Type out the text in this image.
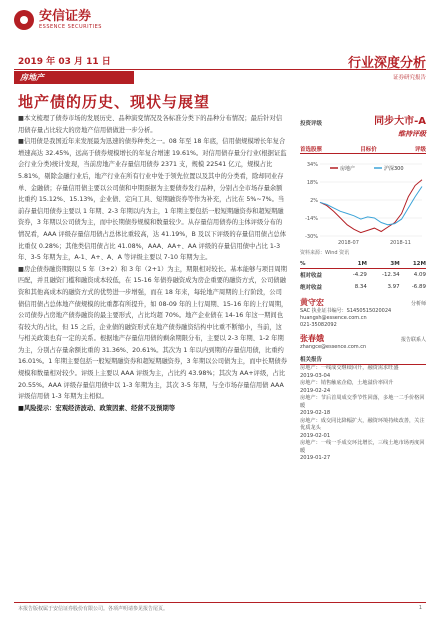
安信证券
ESSENCE SECURITIES
2019 年 03 月 11 日
房地产
行业深度分析
证券研究报告
地产债的历史、现状与展望

■本文梳理了债券市场的发展历史、品种演变情况及各标准分类下的品种分布情况；最后针对信用债存量占比较大的房地产信用债做进一步分析。

■信用债是我国近年来发展最为迅速的债券种类之一。08 年至 18 年底，信用债规模增长年复合增速高达 32.45%，远高于债券规模增长的年复合增速 19.61%。对信用债存量分行业(根据证监会行业分类)统计发现，当前房地产业存量信用债券 2371 支，规模 22541 亿元，规模占比 5.81%，剔除金融行业后，地产行业在所有行业中处于领先位置以及其中的分类看，除却同业存单、金融债；存量信用债主要以公司债和中期票据为主要债券发行品种，分别占全市场存量余额比重约 15.12%、15.13%，企业债、定向工具、短期融资券等作为补充，占比在 5%~7%。当前存量信用债券主要以 1 年期、2-3 年期以内为主，1 年期主要包括一般短期融资券和超短期融资券，3 年期以公司债为主，而中长期债券规模和数量较少。从存量信用债券的主体评级分布的情况看，AAA 评级存量信用债占总体比重较高，达 41.19%，B 及以下评级的存量信用债占总体比重仅 0.28%；其他类信用债占比 41.08%，AAA、AA+、AA 评级的存量信用债中占比 1-3 年、3-5 年期为主，A-1、A+、A、A 等评级主要以 7-10 年期为主。

■房企债券融资期限以 5 年（3+2）和 3 年（2+1）为主，期限相对较长。基本能够与项目周期匹配，并且融资门槛和融资成本较低，在 15-16 年债券融资成为房企重要的融资方式，公司债融资和其他高成本的融资方式的优势进一步增强，而在 18 年来，每轮地产周期的上行阶段，公司债信用债占总体地产债规模的比重都有所提升，如 08-09 年的上行周期、15-16 年的上行周期，公司债券占房地产债券融资的最主要形式，占比均超 70%。地产企业债在 14-16 年这一期间也有较大的占比，但 15 之后，企业债的融资形式在地产债券融资结构中比重不断缩小，当前，这与相关政策也有一定的关系。根据地产存量信用债的剩余期限分布，主要以 2-3 年期、1-2 年期为主，分别占存量余额比重的 31.36%、20.61%。其次为 1 年以内到期的存量信用债，比重约 16.01%。1 年期主要包括一般短期融资券和超短期融资券，3 年期以公司债为主，而中长期债券规模和数量相对较少。评级上主要以 AAA 评级为主，占比约 43.98%；其次为 AA+评级，占比 20.55%。AAA 评级存量信用债中以 1-3 年期为主，其次 3-5 年期，与全市场存量信用债 AAA 评级信用债 1-3 年期为主相似。

■风险提示：宏观经济波动、政策因素、经营不及预期等

投资评级	同步大市-A
维持评级
首选股票	目标价	评级
34%
18%
2%
-14%
-30%
2018-07	2018-11
房地产	沪深300
资料来源：Wind 资讯
%	1M	3M	12M
相对收益	-4.29	-12.34	4.09
绝对收益	8.34	3.97	-6.89
黄守宏	分析师
SAC 执业证书编号：S1450515020024
huangsh@essence.com.cn
021-35082092
张春娥	报告联系人
zhangce@essence.com.cn
相关报告
房地产：一线成交继续回升，融资需求旺盛
2019-03-04
房地产：销售触底企稳，土地溢价率回升
2019-02-24
房地产：节后首周成交季节性回落，多地一二手价格回暖
2019-02-18
房地产：成交同比降幅扩大，融资环境持续改善，关注优质龙头
2019-02-01
房地产：一线一手成交环比增长，三线土地市场再度回暖
2019-01-27
本报告版权属于安信证券股份有限公司。各项声明请参见报告尾页。	1
